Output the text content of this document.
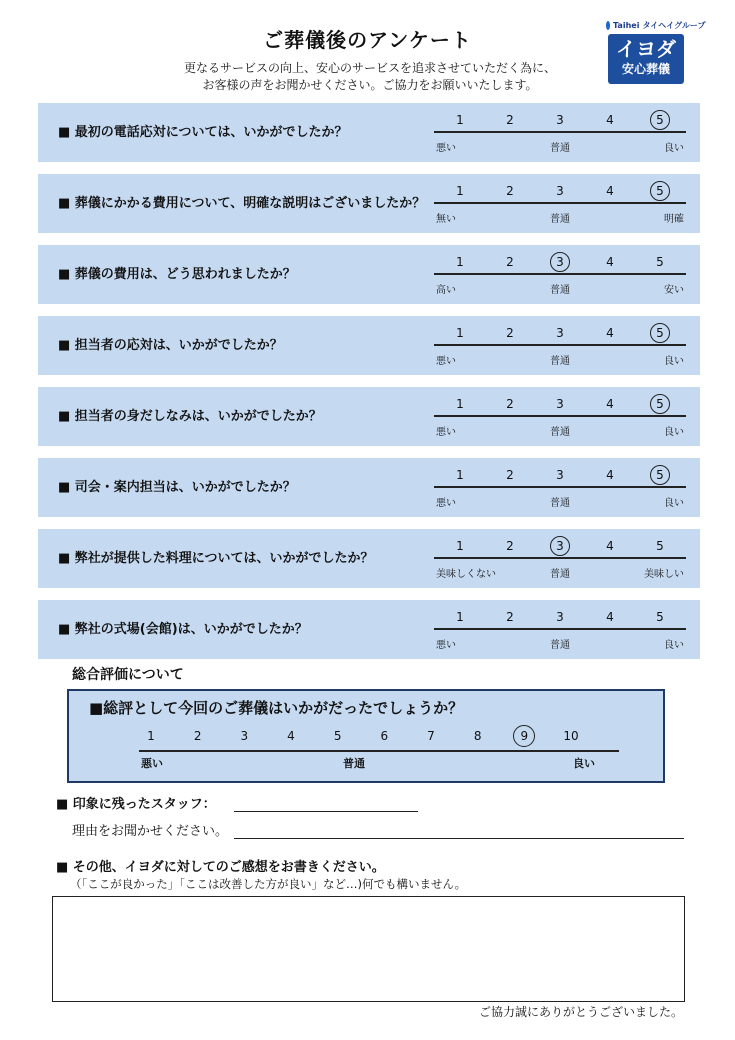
ご葬儀後のアンケート
更なるサービスの向上、安心のサービスを追求させていただく為に、
お客様の声をお聞かせください。ご協力をお願いいたします。
Taihei タイヘイグループ
イヨダ
安心葬儀
■ 最初の電話応対については、いかがでしたか？
1	2	3	4	5
悪い	普通	良い
■ 葬儀にかかる費用について、明確な説明はございましたか？
1	2	3	4	5
無い	普通	明確
■ 葬儀の費用は、どう思われましたか？
1	2	3	4	5
高い	普通	安い
■ 担当者の応対は、いかがでしたか？
1	2	3	4	5
悪い	普通	良い
■ 担当者の身だしなみは、いかがでしたか？
1	2	3	4	5
悪い	普通	良い
■ 司会・案内担当は、いかがでしたか？
1	2	3	4	5
悪い	普通	良い
■ 弊社が提供した料理については、いかがでしたか？
1	2	3	4	5
美味しくない	普通	美味しい
■ 弊社の式場(会館)は、いかがでしたか？
1	2	3	4	5
悪い	普通	良い
総合評価について
■総評として今回のご葬儀はいかがだったでしょうか？
悪い	普通	良い
1	2	3	4	5	6	7	8	9	10
■ 印象に残ったスタッフ：
理由をお聞かせください。
■ その他、イヨダに対してのご感想をお書きください。
（「ここが良かった」「ここは改善した方が良い」など…)何でも構いません。
ご協力誠にありがとうございました。
